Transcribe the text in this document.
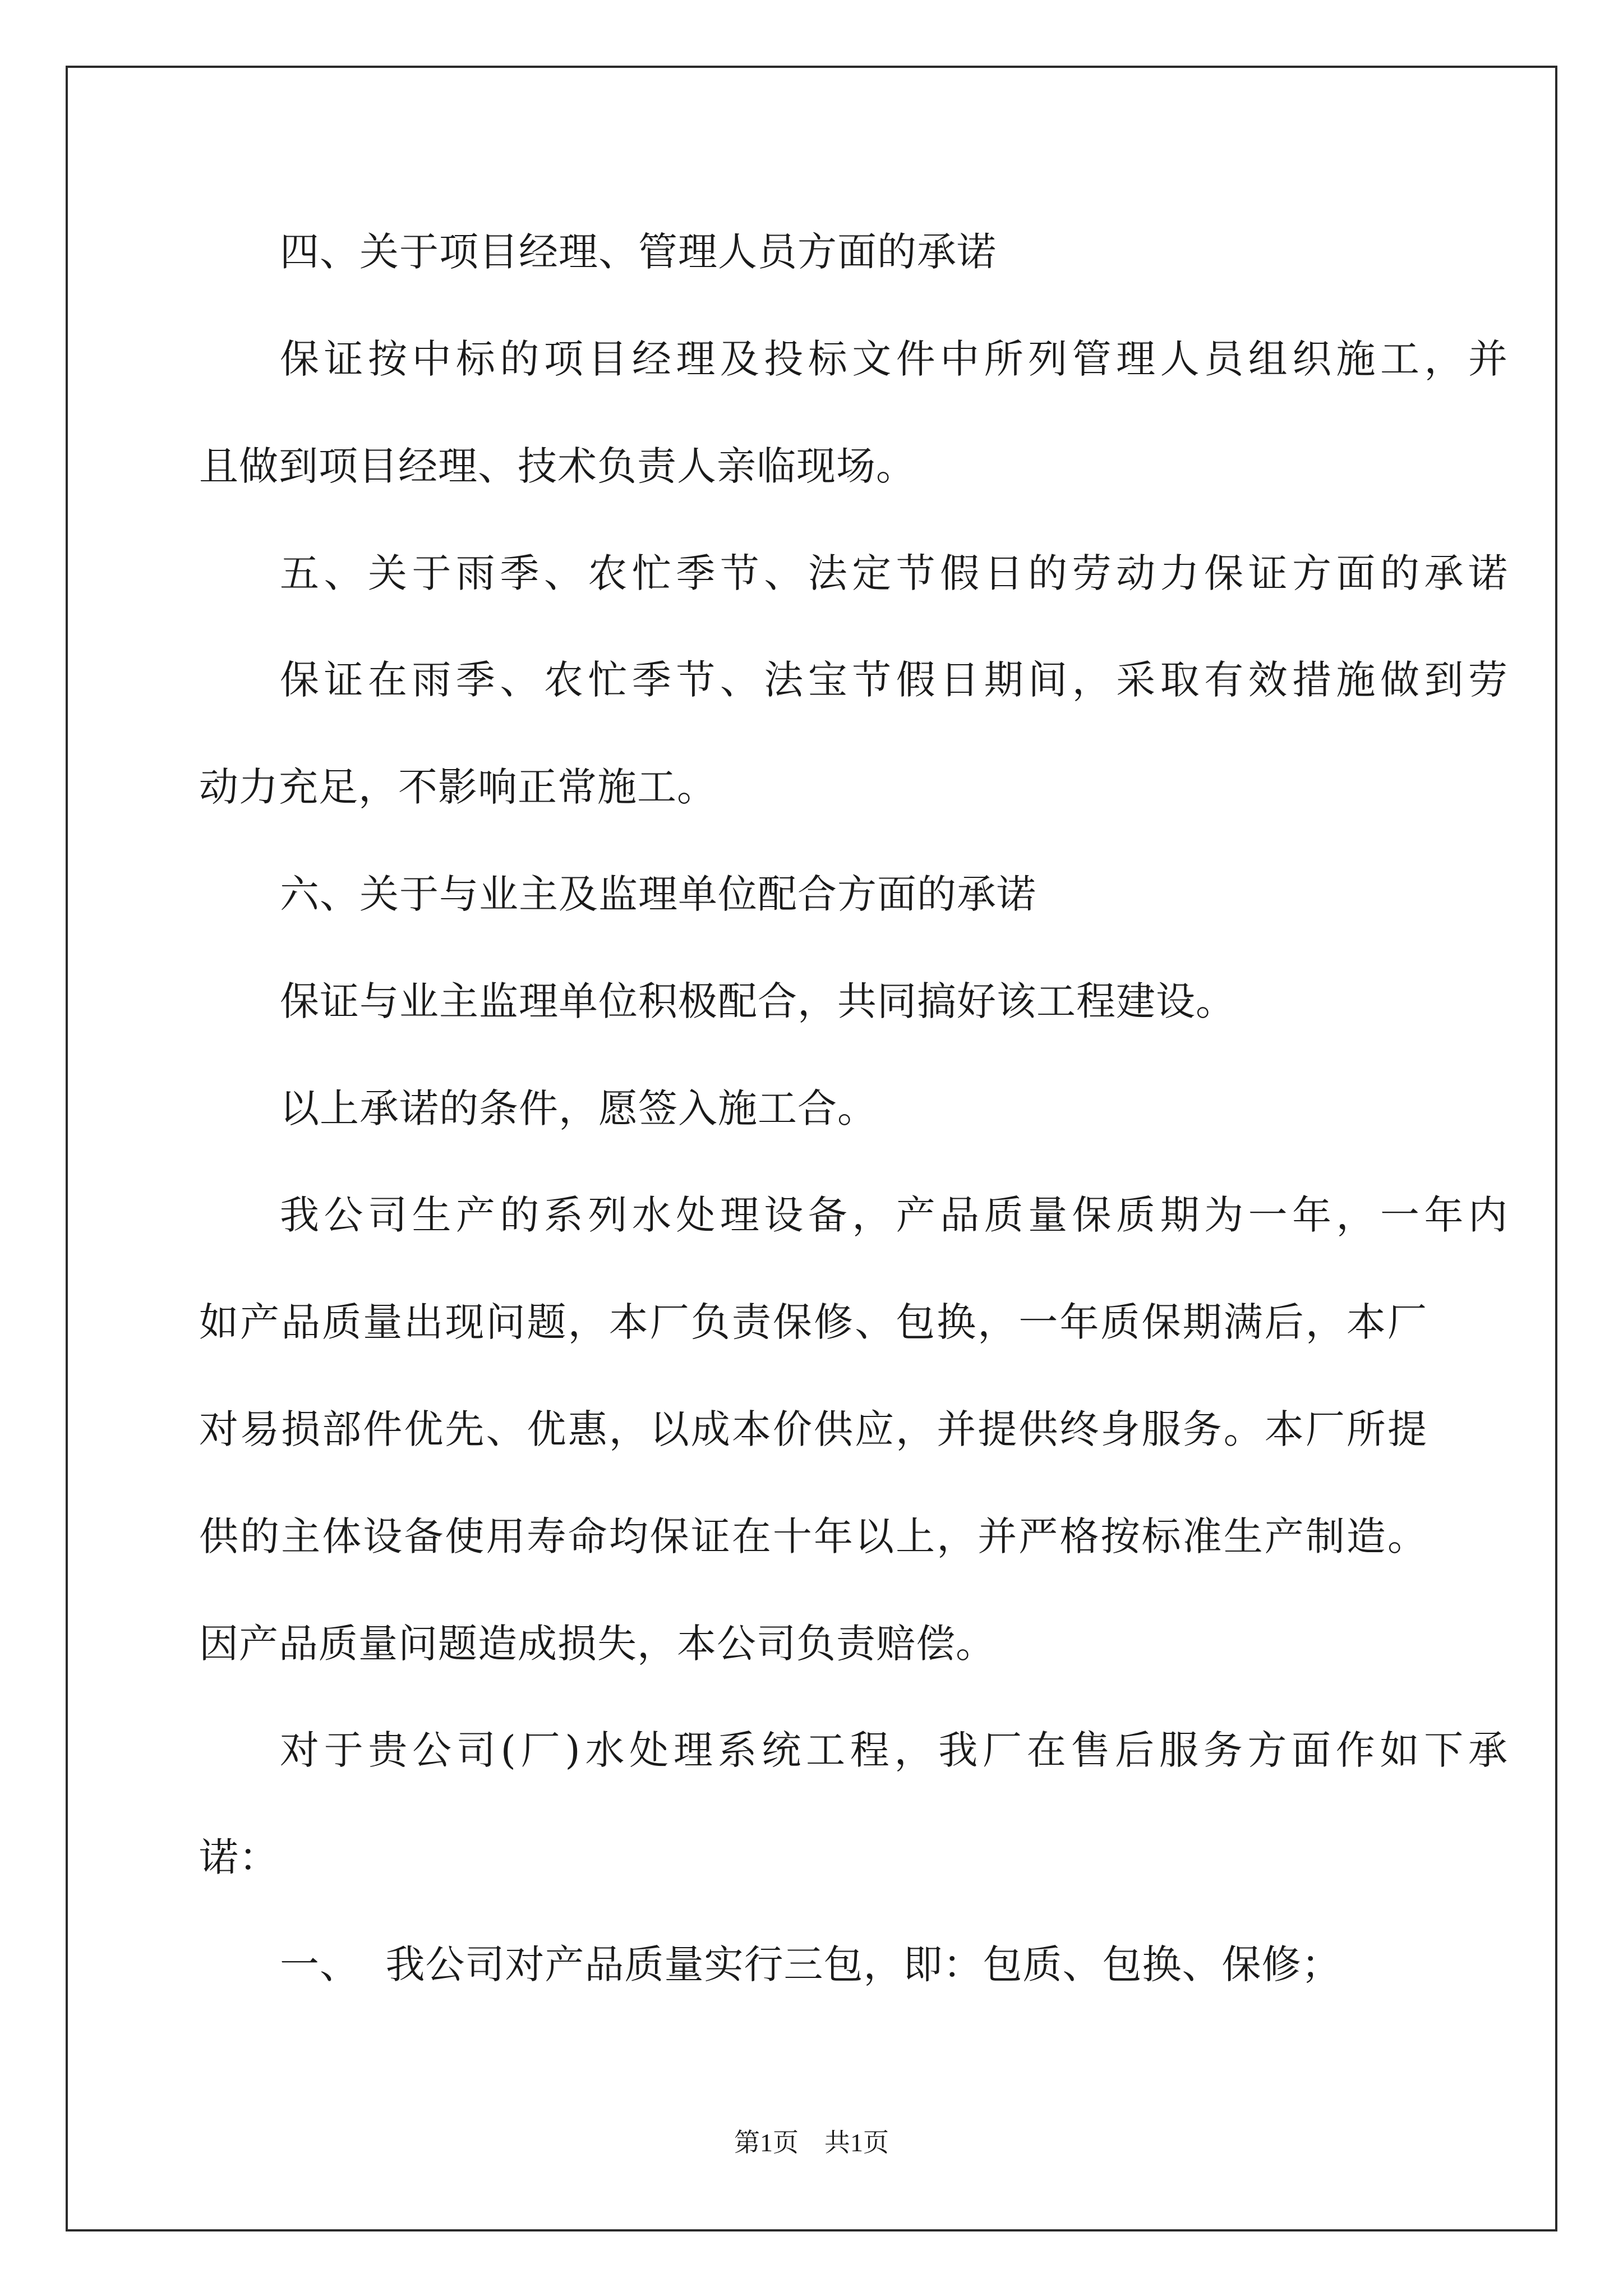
四、关于项目经理、管理人员方面的承诺
保证按中标的项目经理及投标文件中所列管理人员组织施工，并
且做到项目经理、技术负责人亲临现场。
五、关于雨季、农忙季节、法定节假日的劳动力保证方面的承诺
保证在雨季、农忙季节、法宝节假日期间，采取有效措施做到劳
动力充足，不影响正常施工。
六、关于与业主及监理单位配合方面的承诺
保证与业主监理单位积极配合，共同搞好该工程建设。
以上承诺的条件，愿签入施工合。
我公司生产的系列水处理设备，产品质量保质期为一年，一年内
如产品质量出现问题，本厂负责保修、包换，一年质保期满后，本厂
对易损部件优先、优惠，以成本价供应，并提供终身服务。本厂所提
供的主体设备使用寿命均保证在十年以上，并严格按标准生产制造。
因产品质量问题造成损失，本公司负责赔偿。
对于贵公司(厂)水处理系统工程，我厂在售后服务方面作如下承
诺：
一、  我公司对产品质量实行三包，即：包质、包换、保修；
第1页　共1页
